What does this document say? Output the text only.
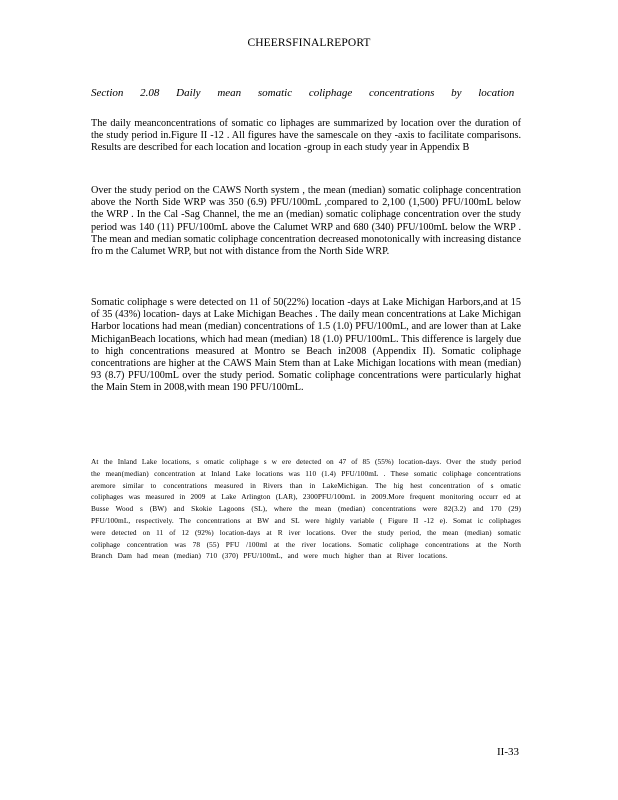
CHEERSFINALREPORT
Section 2.08 Daily mean somatic coliphage concentrations by location
The daily meanconcentrations of somatic co liphages are summarized by location over the duration of the study period in.Figure II -12 . All figures have the samescale on they -axis to facilitate comparisons. Results are described for each location and location -group in each study year in Appendix B
Over the study period on the CAWS North system , the mean (median) somatic coliphage concentration above the North Side WRP was 350 (6.9) PFU/100mL ,compared to 2,100 (1,500) PFU/100mL below the WRP . In the Cal -Sag Channel, the me an (median) somatic coliphage concentration over the study period was 140 (11) PFU/100mL above the Calumet WRP and 680 (340) PFU/100mL below the WRP . The mean and median somatic coliphage concentration decreased monotonically with increasing distance fro m the Calumet WRP, but not with distance from the North Side WRP.
Somatic coliphage s were detected on 11 of 50(22%) location -days at Lake Michigan Harbors,and at 15 of 35 (43%) location- days at Lake Michigan Beaches . The daily mean concentrations at Lake Michigan Harbor locations had mean (median) concentrations of 1.5 (1.0) PFU/100mL, and are lower than at Lake MichiganBeach locations, which had mean (median) 18 (1.0) PFU/100mL. This difference is largely due to high concentrations measured at Montro se Beach in2008 (Appendix II). Somatic coliphage concentrations are higher at the CAWS Main Stem than at Lake Michigan locations with mean (median) 93 (8.7) PFU/100mL over the study period. Somatic coliphage concentrations were particularly highat the Main Stem in 2008,with mean 190 PFU/100mL.
At the Inland Lake locations, s omatic coliphage s w ere detected on 47 of 85 (55%) location-days. Over the study period the mean(median) concentration at Inland Lake locations was 110 (1.4) PFU/100mL . These somatic coliphage concentrations aremore similar to concentrations measured in Rivers than in LakeMichigan. The hig hest concentration of s omatic coliphages was measured in 2009 at Lake Arlington (LAR), 2300PFU/100mL in 2009.More frequent monitoring occurr ed at Busse Wood s (BW) and Skokie Lagoons (SL), where the mean (median) concentrations were 82(3.2) and 170 (29) PFU/100mL, respectively. The concentrations at BW and SL were highly variable ( Figure II -12 e). Somat ic coliphages were detected on 11 of 12 (92%) location-days at R iver locations. Over the study period, the mean (median) somatic coliphage concentration was 78 (55) PFU /100ml at the river locations. Somatic coliphage concentrations at the North Branch Dam had mean (median) 710 (370) PFU/100mL, and were much higher than at River locations.
II-33
